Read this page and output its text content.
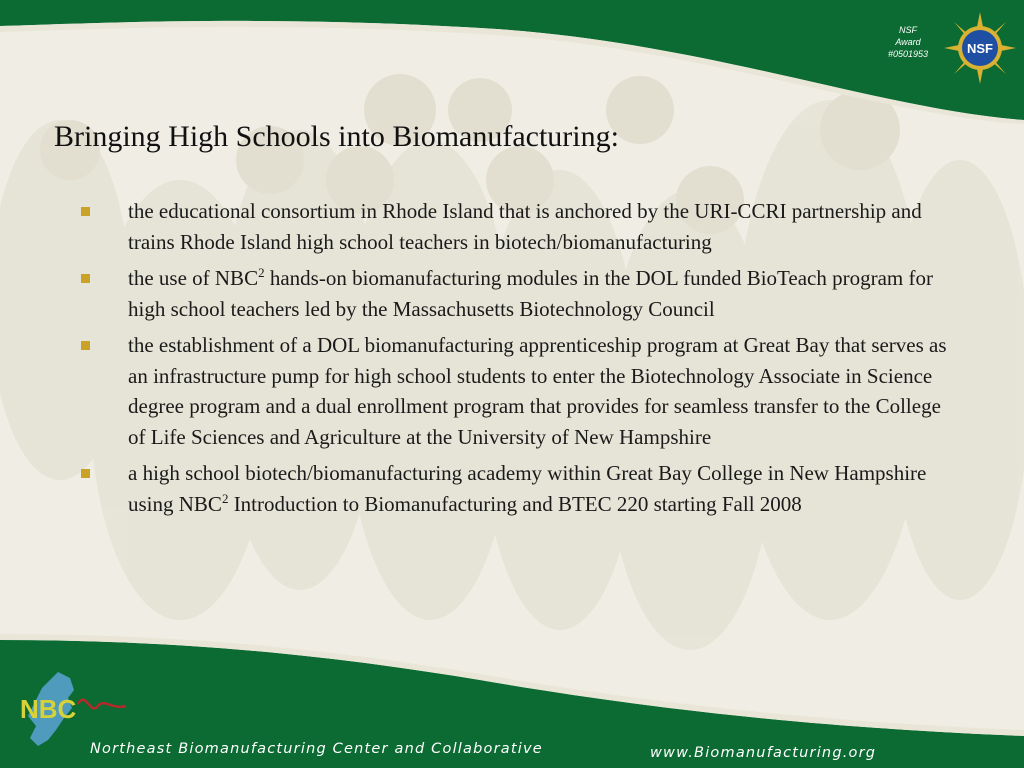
NSF
Award
#0501953	NSF
Bringing High Schools into Biomanufacturing:
the educational consortium in Rhode Island that is anchored by the URI-CCRI partnership and trains Rhode Island high school teachers in biotech/biomanufacturing
the use of NBC$^2$ hands-on biomanufacturing modules in the DOL funded BioTeach program for high school teachers led by the Massachusetts Biotechnology Council
the establishment of a DOL biomanufacturing apprenticeship program at Great Bay that serves as an infrastructure pump for high school students to enter the Biotechnology Associate in Science degree program and a dual enrollment program that provides for seamless transfer to the College of Life Sciences and Agriculture at the University of New Hampshire
a high school biotech/biomanufacturing academy within Great Bay College in New Hampshire using NBC$^2$ Introduction to Biomanufacturing and BTEC 220 starting Fall 2008
NBC
Northeast Biomanufacturing Center and Collaborative	www.Biomanufacturing.org
